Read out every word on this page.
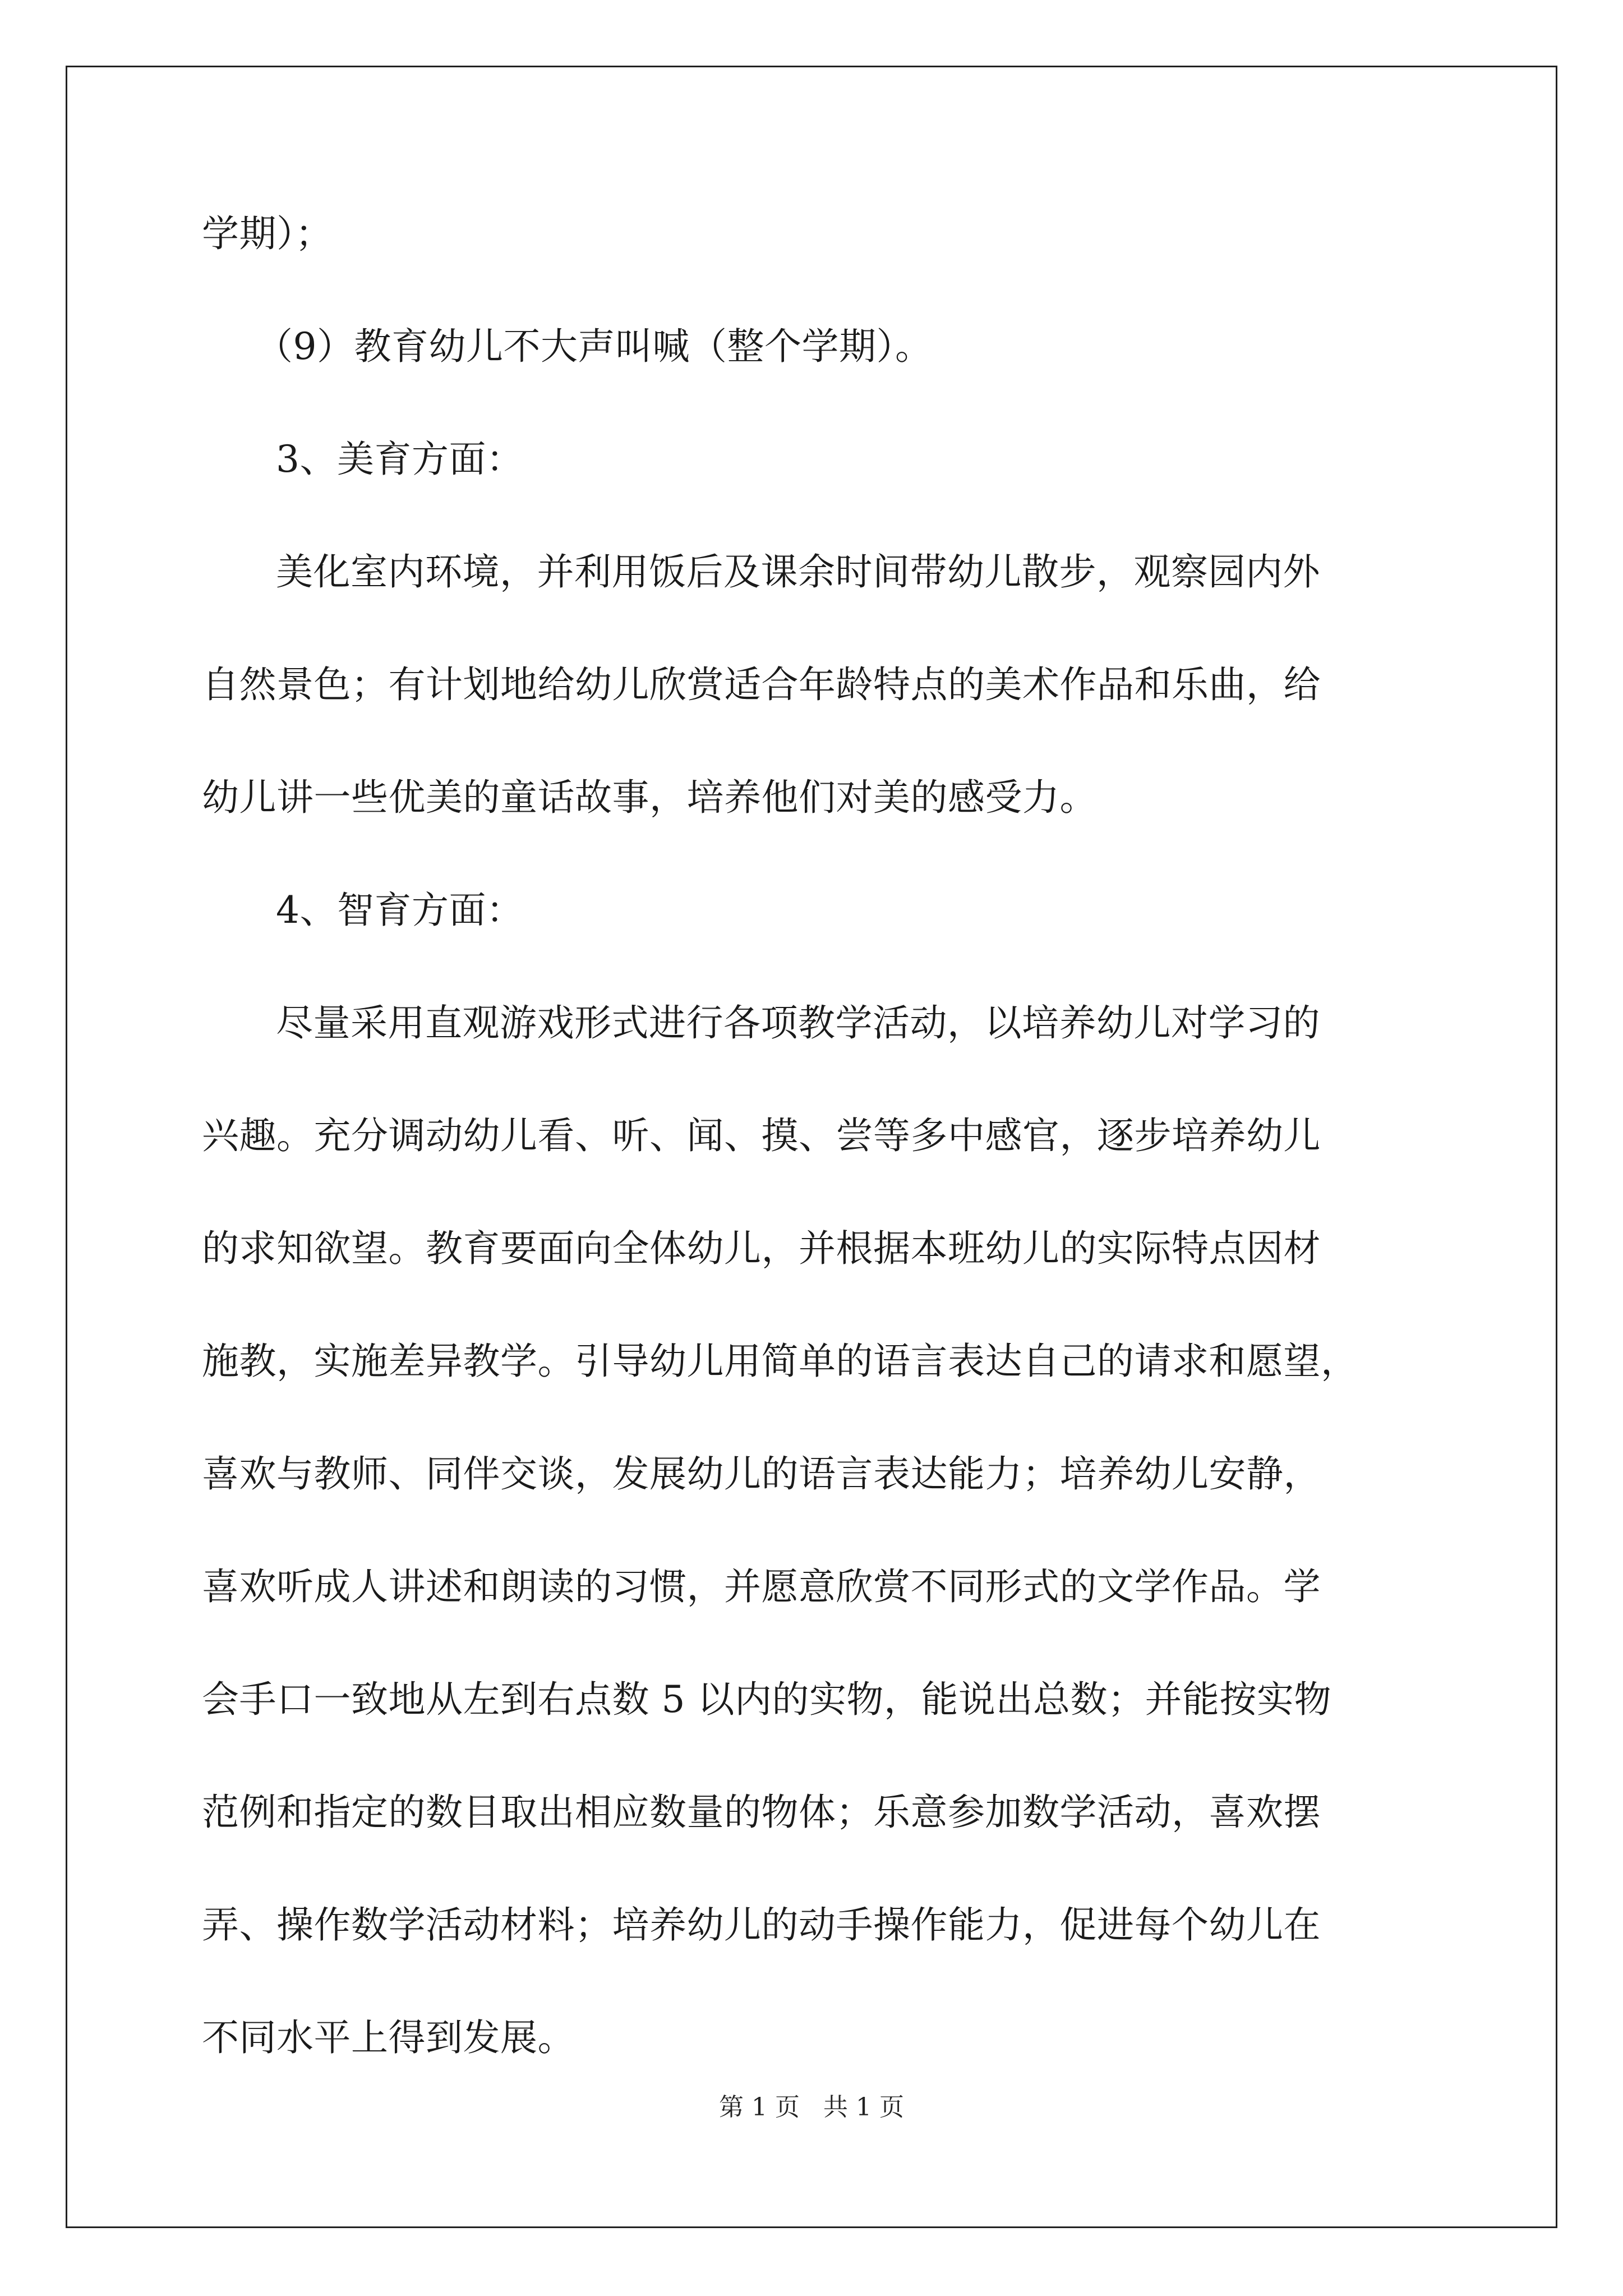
学期）；
（9）教育幼儿不大声叫喊（整个学期）。
3、美育方面：
美化室内环境，并利用饭后及课余时间带幼儿散步，观察园内外
自然景色；有计划地给幼儿欣赏适合年龄特点的美术作品和乐曲，给
幼儿讲一些优美的童话故事，培养他们对美的感受力。
4、智育方面：
尽量采用直观游戏形式进行各项教学活动，以培养幼儿对学习的
兴趣。充分调动幼儿看、听、闻、摸、尝等多中感官，逐步培养幼儿
的求知欲望。教育要面向全体幼儿，并根据本班幼儿的实际特点因材
施教，实施差异教学。引导幼儿用简单的语言表达自己的请求和愿望，
喜欢与教师、同伴交谈，发展幼儿的语言表达能力；培养幼儿安静，
喜欢听成人讲述和朗读的习惯，并愿意欣赏不同形式的文学作品。学
会手口一致地从左到右点数 5 以内的实物，能说出总数；并能按实物
范例和指定的数目取出相应数量的物体；乐意参加数学活动，喜欢摆
弄、操作数学活动材料；培养幼儿的动手操作能力，促进每个幼儿在
不同水平上得到发展。
第 1 页 共 1 页
